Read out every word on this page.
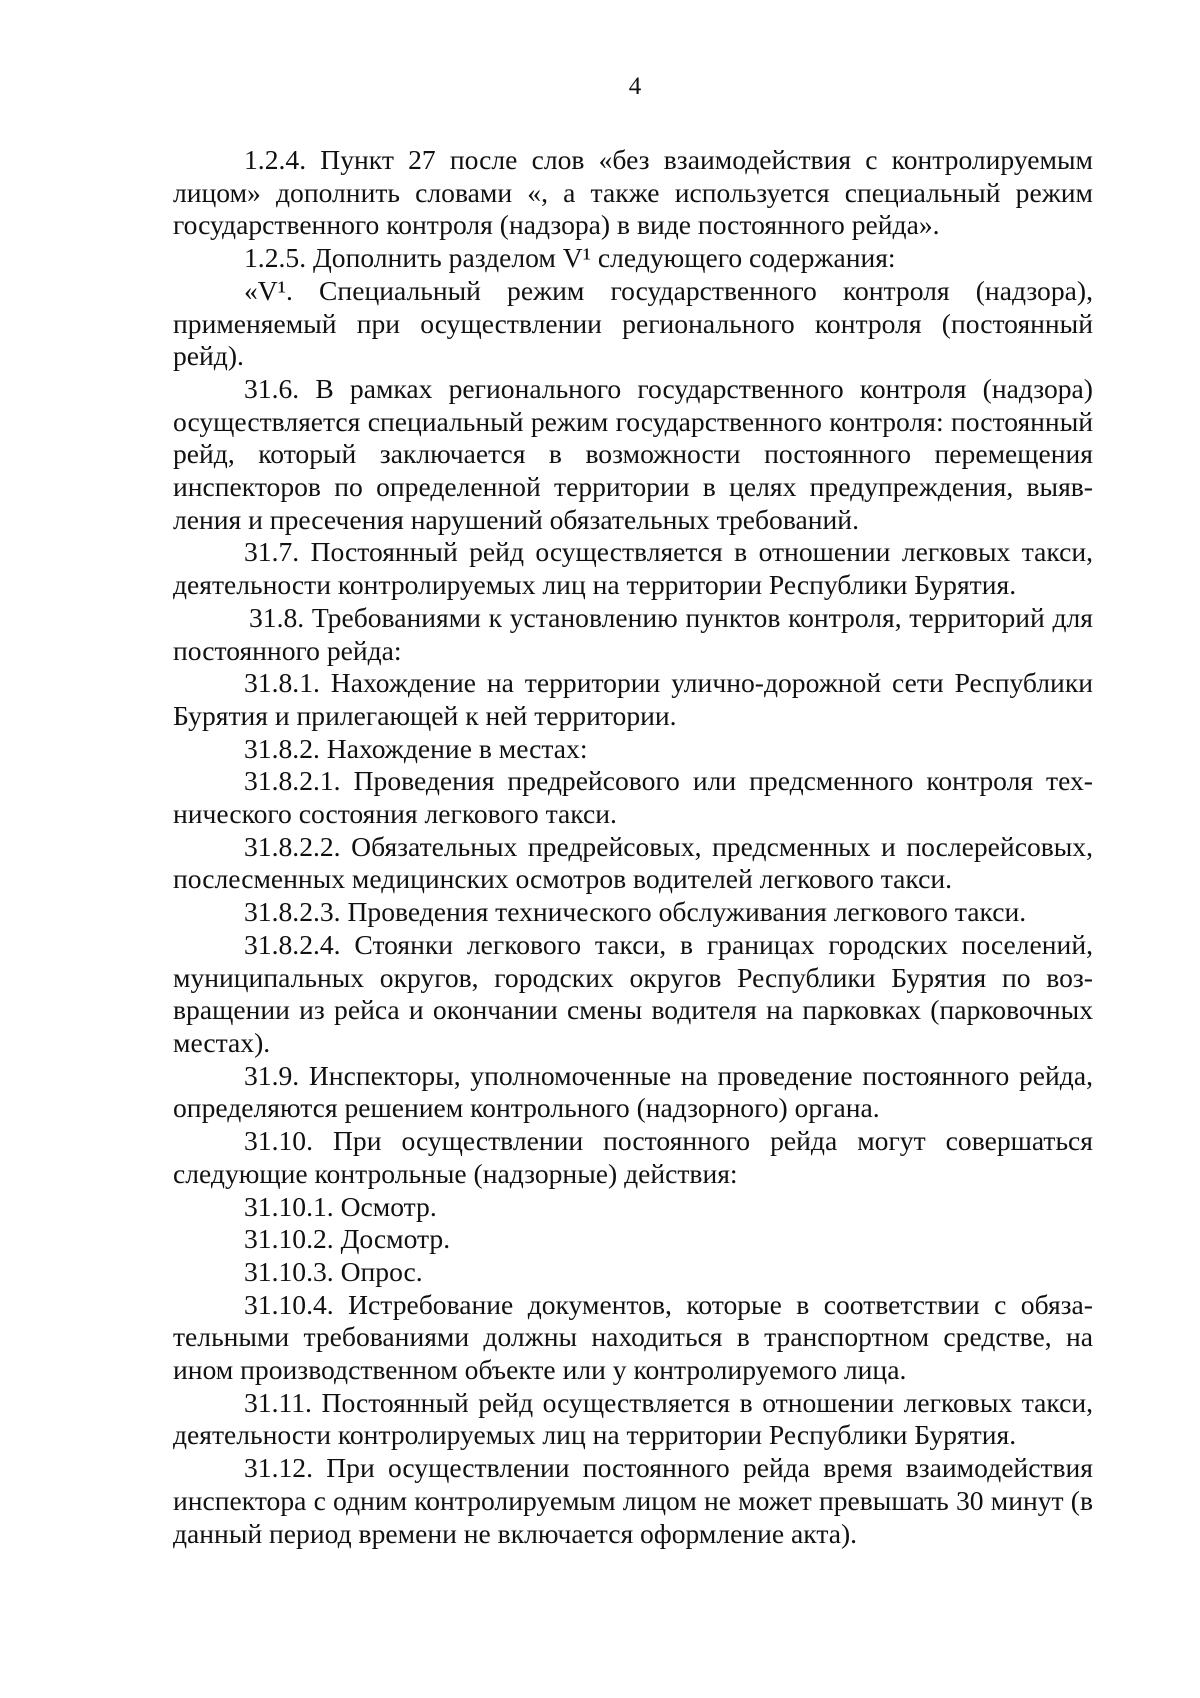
4

1.2.4. Пункт 27 после слов «без взаимодействия с контролируемым лицом» дополнить словами «, а также используется специальный режим государственного контроля (надзора) в виде постоянного рейда».

1.2.5. Дополнить разделом V¹ следующего содержания:

«V¹. Специальный режим государственного контроля (надзора), применяемый при осуществлении регионального контроля (постоянный рейд).

31.6. В рамках регионального государственного контроля (надзора) осуществляется специальный режим государственного контроля: постоянный рейд, который заключается в возможности постоянного перемещения инспекторов по определенной территории в целях предупреждения, выявления и пресечения нарушений обязательных требований.

31.7. Постоянный рейд осуществляется в отношении легковых такси, деятельности контролируемых лиц на территории Республики Бурятия.

31.8. Требованиями к установлению пунктов контроля, территорий для постоянного рейда:

31.8.1. Нахождение на территории улично-дорожной сети Республики Бурятия и прилегающей к ней территории.

31.8.2. Нахождение в местах:

31.8.2.1. Проведения предрейсового или предсменного контроля технического состояния легкового такси.

31.8.2.2. Обязательных предрейсовых, предсменных и послерейсовых, послесменных медицинских осмотров водителей легкового такси.

31.8.2.3. Проведения технического обслуживания легкового такси.

31.8.2.4. Стоянки легкового такси, в границах городских поселений, муниципальных округов, городских округов Республики Бурятия по возвращении из рейса и окончании смены водителя на парковках (парковочных местах).

31.9. Инспекторы, уполномоченные на проведение постоянного рейда, определяются решением контрольного (надзорного) органа.

31.10. При осуществлении постоянного рейда могут совершаться следующие контрольные (надзорные) действия:

31.10.1. Осмотр.

31.10.2. Досмотр.

31.10.3. Опрос.

31.10.4. Истребование документов, которые в соответствии с обязательными требованиями должны находиться в транспортном средстве, на ином производственном объекте или у контролируемого лица.

31.11. Постоянный рейд осуществляется в отношении легковых такси, деятельности контролируемых лиц на территории Республики Бурятия.

31.12. При осуществлении постоянного рейда время взаимодействия инспектора с одним контролируемым лицом не может превышать 30 минут (в данный период времени не включается оформление акта).
